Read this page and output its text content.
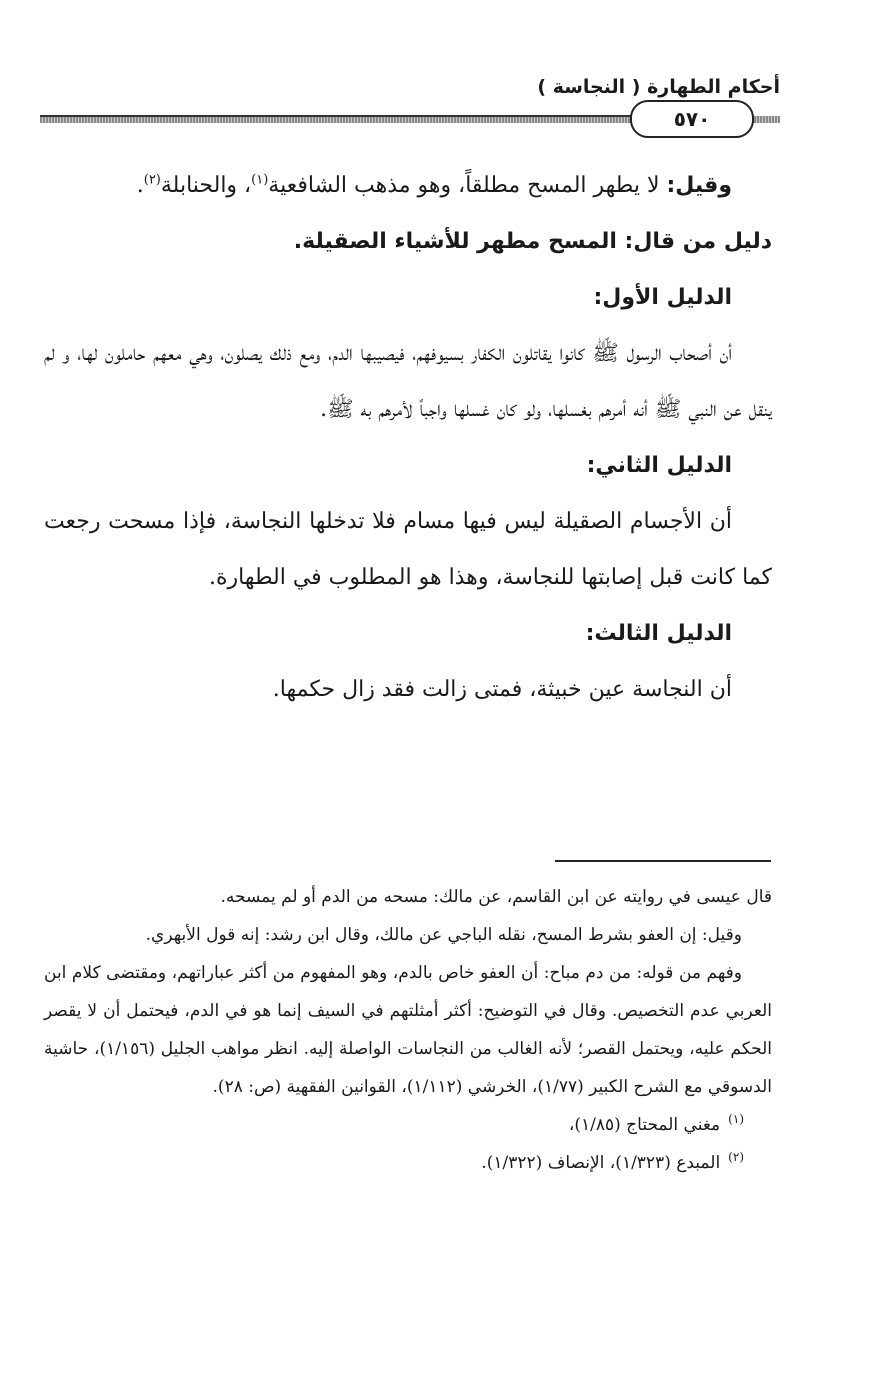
أحكام الطهارة ( النجاسة )
٥٧٠

وقيل: لا يطهر المسح مطلقاً، وهو مذهب الشافعية$^{(١)}$، والحنابلة$^{(٢)}$.

دليل من قال: المسح مطهر للأشياء الصقيلة.

الدليل الأول:

أن أصحاب الرسول ﷺ كانوا يقاتلون الكفار بسيوفهم، فيصيبها الدم، ومع ذلك يصلون، وهي معهم حاملون لها، و لم ينقل عن النبي ﷺ أنه أمرهم بغسلها، ولو كان غسلها واجباً لأمرهم به ﷺ.

الدليل الثاني:

أن الأجسام الصقيلة ليس فيها مسام فلا تدخلها النجاسة، فإذا مسحت رجعت كما كانت قبل إصابتها للنجاسة، وهذا هو المطلوب في الطهارة.

الدليل الثالث:

أن النجاسة عين خبيثة، فمتى زالت فقد زال حكمها.

قال عيسى في روايته عن ابن القاسم، عن مالك: مسحه من الدم أو لم يمسحه.

وقيل: إن العفو بشرط المسح، نقله الباجي عن مالك، وقال ابن رشد: إنه قول الأبهري.

وفهم من قوله: من دم مباح: أن العفو خاص بالدم، وهو المفهوم من أكثر عباراتهم، ومقتضى كلام ابن العربي عدم التخصيص. وقال في التوضيح: أكثر أمثلتهم في السيف إنما هو في الدم، فيحتمل أن لا يقصر الحكم عليه، ويحتمل القصر؛ لأنه الغالب من النجاسات الواصلة إليه. انظر مواهب الجليل (١/١٥٦)، حاشية الدسوقي مع الشرح الكبير (١/٧٧)، الخرشي (١/١١٢)، القوانين الفقهية (ص: ٢٨).

$^{(١)}$مغني المحتاج (١/٨٥)،

$^{(٢)}$المبدع (١/٣٢٣)، الإنصاف (١/٣٢٢).
